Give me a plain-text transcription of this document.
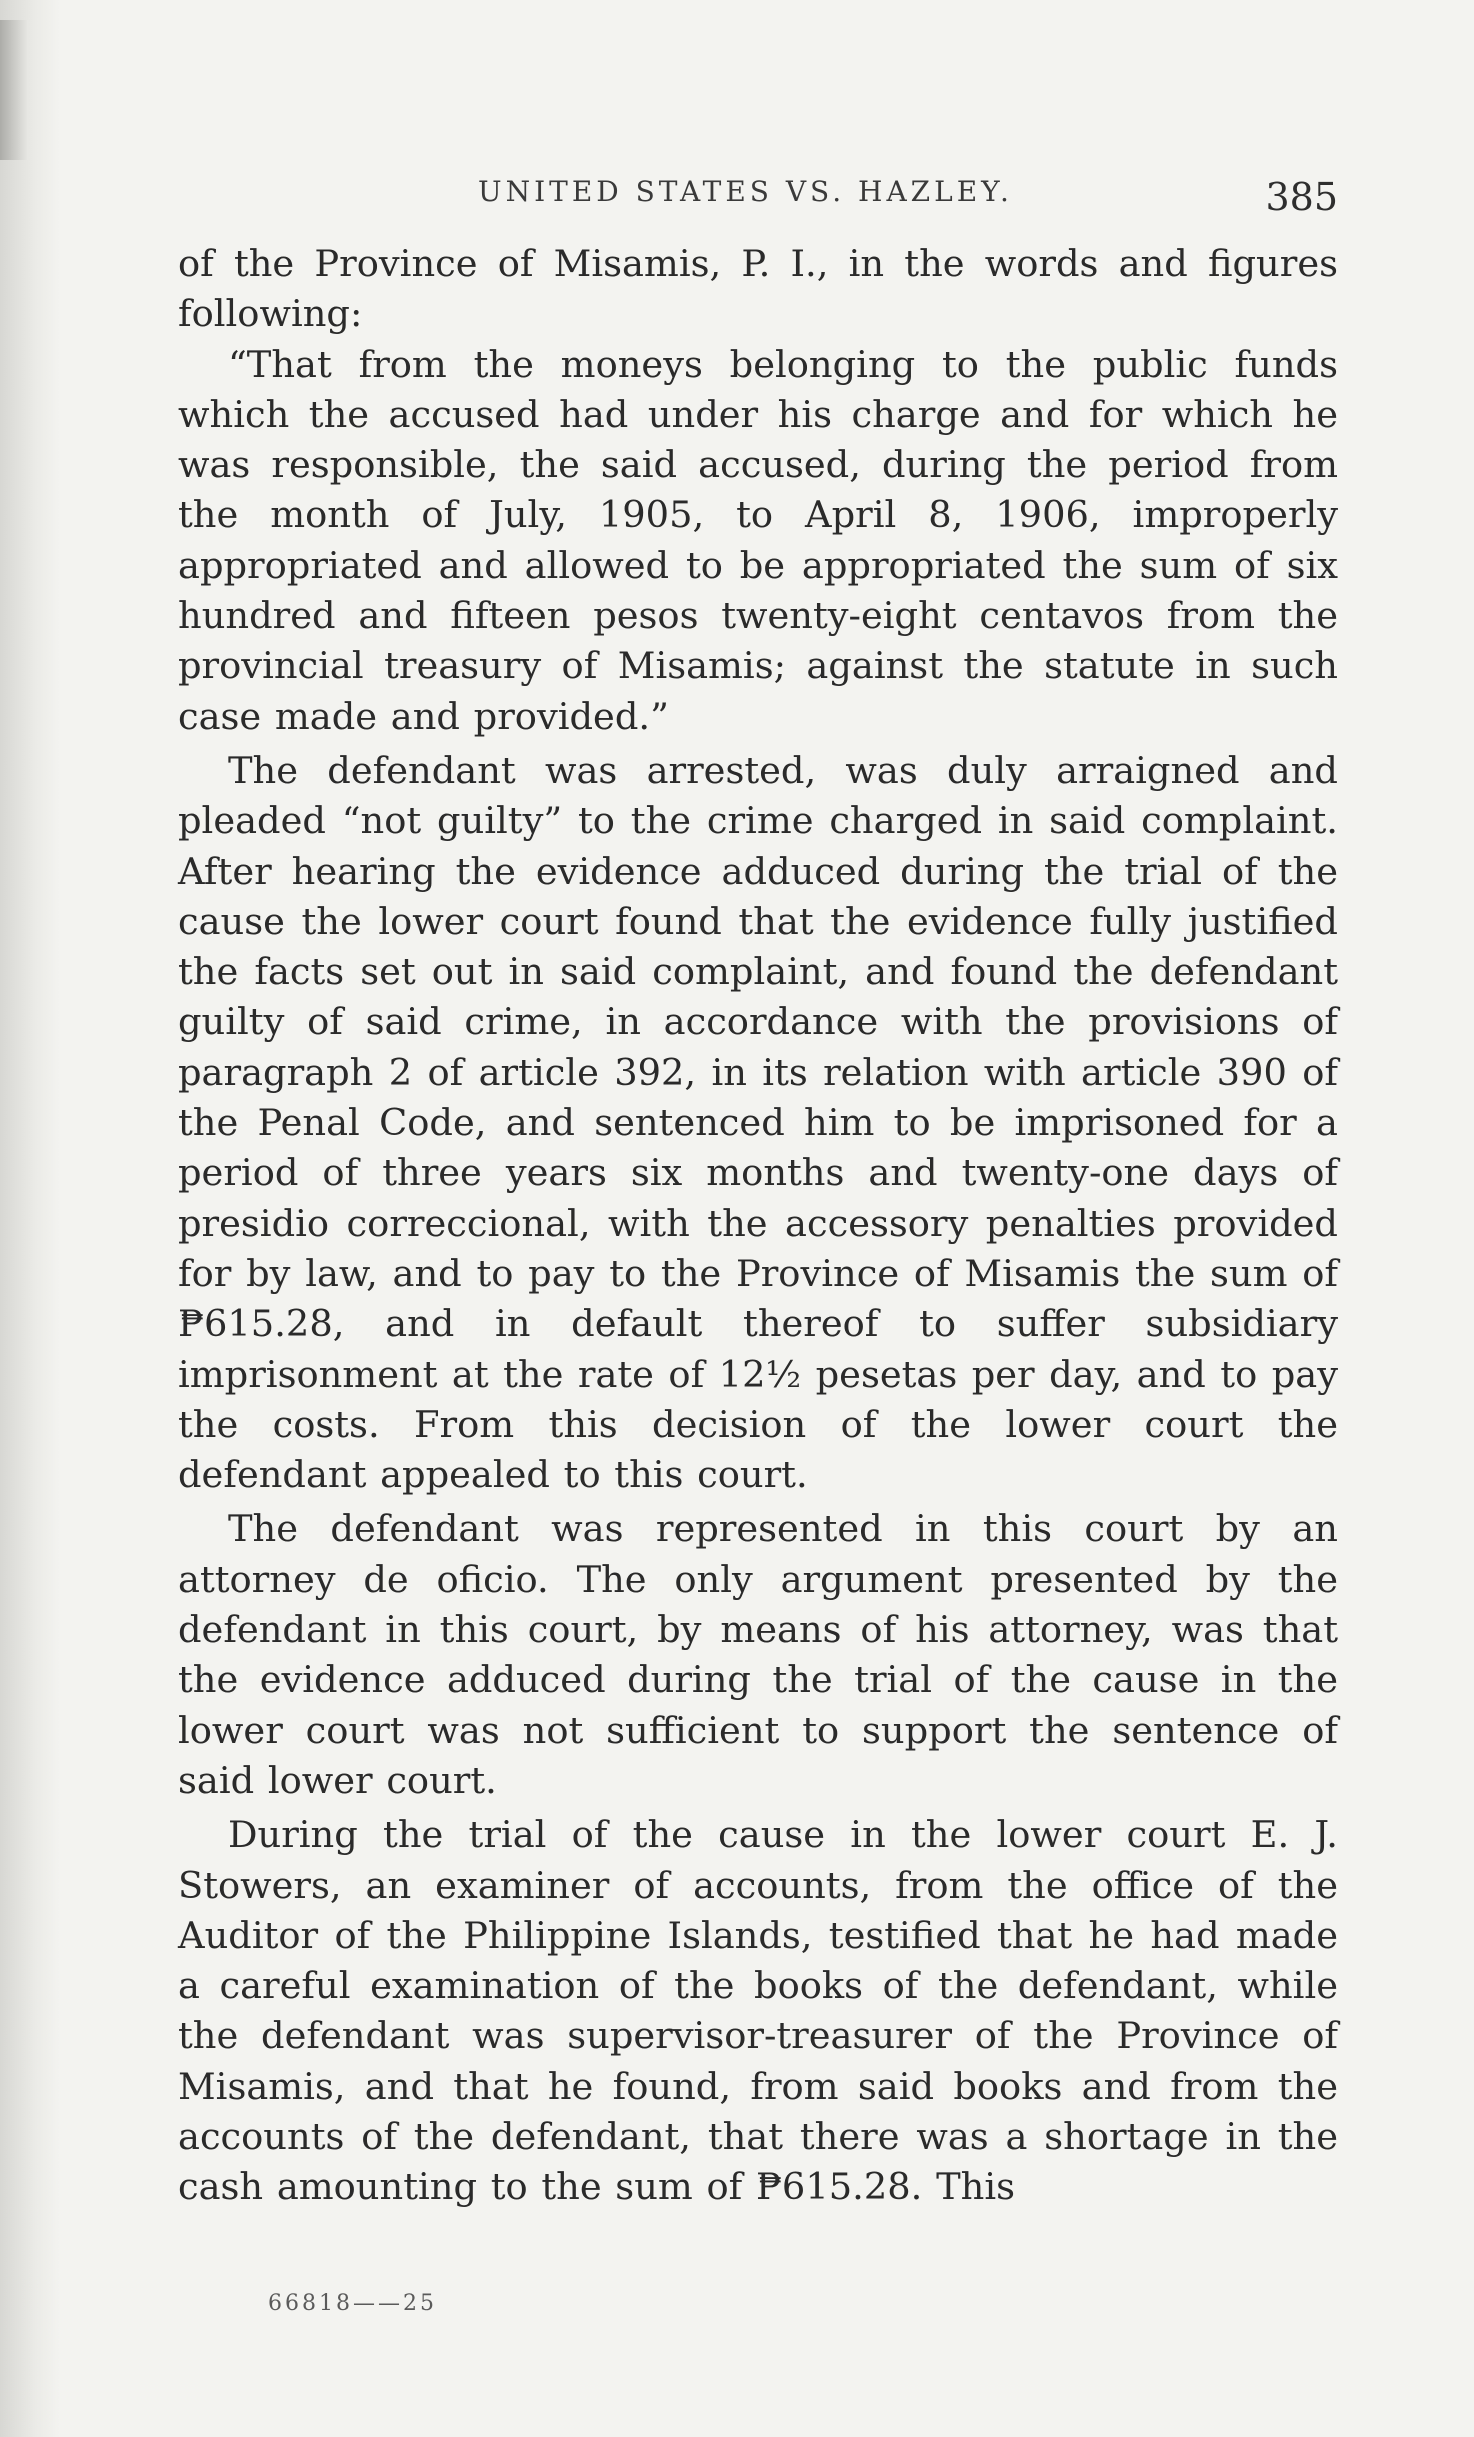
UNITED STATES VS. HAZLEY.	385

of the Province of Misamis, P. I., in the words and figures following:

“That from the moneys belonging to the public funds which the accused had under his charge and for which he was responsible, the said accused, during the period from the month of July, 1905, to April 8, 1906, improperly appropriated and allowed to be appropriated the sum of six hundred and fifteen pesos twenty-eight centavos from the provincial treasury of Misamis; against the statute in such case made and provided.”

The defendant was arrested, was duly arraigned and pleaded “not guilty” to the crime charged in said complaint. After hearing the evidence adduced during the trial of the cause the lower court found that the evidence fully justified the facts set out in said complaint, and found the defendant guilty of said crime, in accordance with the provisions of paragraph 2 of article 392, in its relation with article 390 of the Penal Code, and sentenced him to be imprisoned for a period of three years six months and twenty-one days of presidio correccional, with the accessory penalties provided for by law, and to pay to the Province of Misamis the sum of ₱615.28, and in default thereof to suffer subsidiary imprisonment at the rate of 12½ pesetas per day, and to pay the costs. From this decision of the lower court the defendant appealed to this court.

The defendant was represented in this court by an attorney de oficio. The only argument presented by the defendant in this court, by means of his attorney, was that the evidence adduced during the trial of the cause in the lower court was not sufficient to support the sentence of said lower court.

During the trial of the cause in the lower court E. J. Stowers, an examiner of accounts, from the office of the Auditor of the Philippine Islands, testified that he had made a careful examination of the books of the defendant, while the defendant was supervisor-treasurer of the Province of Misamis, and that he found, from said books and from the accounts of the defendant, that there was a shortage in the cash amounting to the sum of ₱615.28. This

66818——25
